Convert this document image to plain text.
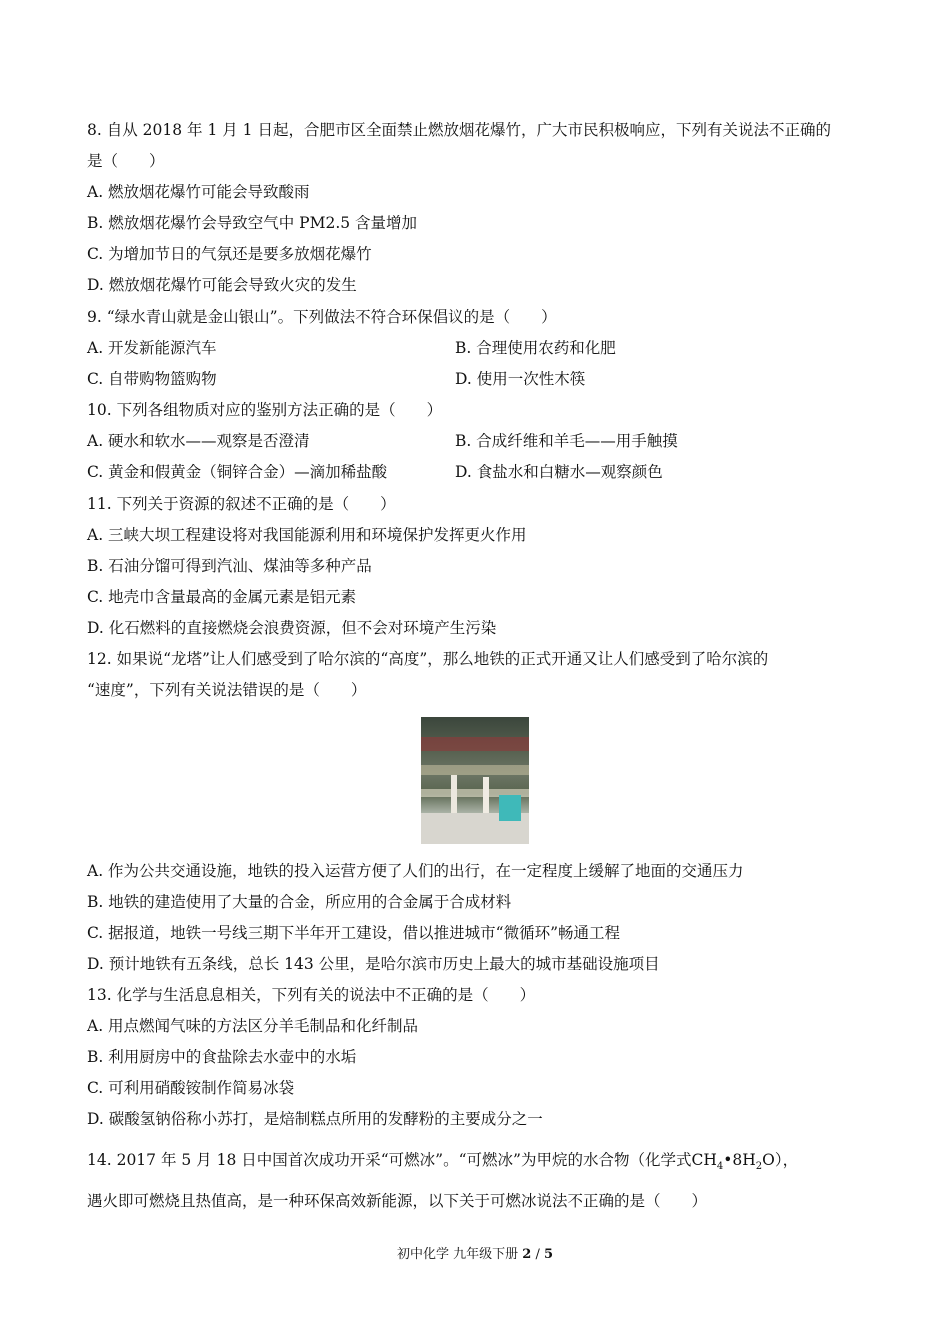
8. 自从 2018 年 1 月 1 日起，合肥市区全面禁止燃放烟花爆竹，广大市民积极响应，下列有关说法不正确的
是（　　）
A. 燃放烟花爆竹可能会导致酸雨
B. 燃放烟花爆竹会导致空气中 PM2.5 含量增加
C. 为增加节日的气氛还是要多放烟花爆竹
D. 燃放烟花爆竹可能会导致火灾的发生
9. “绿水青山就是金山银山”。下列做法不符合环保倡议的是（　　）
A. 开发新能源汽车	B. 合理使用农药和化肥
C. 自带购物篮购物	D. 使用一次性木筷
10. 下列各组物质对应的鉴别方法正确的是（　　）
A. 硬水和软水——观察是否澄清	B. 合成纤维和羊毛——用手触摸
C. 黄金和假黄金（铜锌合金）—滴加稀盐酸	D. 食盐水和白糖水—观察颜色
11. 下列关于资源的叙述不正确的是（　　）
A. 三峡大坝工程建设将对我国能源利用和环境保护发挥更火作用
B. 石油分馏可得到汽汕、煤油等多种产品
C. 地壳巾含量最高的金属元素是铝元素
D. 化石燃料的直接燃烧会浪费资源，但不会对环境产生污染
12. 如果说“龙塔”让人们感受到了哈尔滨的“高度”，那么地铁的正式开通又让人们感受到了哈尔滨的
“速度”，下列有关说法错误的是（　　）
A. 作为公共交通设施，地铁的投入运营方便了人们的出行，在一定程度上缓解了地面的交通压力
B. 地铁的建造使用了大量的合金，所应用的合金属于合成材料
C. 据报道，地铁一号线三期下半年开工建设，借以推进城市“微循环”畅通工程
D. 预计地铁有五条线，总长 143 公里，是哈尔滨市历史上最大的城市基础设施项目
13. 化学与生活息息相关，下列有关的说法中不正确的是（　　）
A. 用点燃闻气味的方法区分羊毛制品和化纤制品
B. 利用厨房中的食盐除去水壶中的水垢
C. 可利用硝酸铵制作简易冰袋
D. 碳酸氢钠俗称小苏打，是焙制糕点所用的发酵粉的主要成分之一
14. 2017 年 5 月 18 日中国首次成功开采“可燃冰”。“可燃冰”为甲烷的水合物（化学式$CH_4•8H_2O$），
遇火即可燃烧且热值高，是一种环保高效新能源，以下关于可燃冰说法不正确的是（　　）
初中化学 九年级下册 2 / 5
